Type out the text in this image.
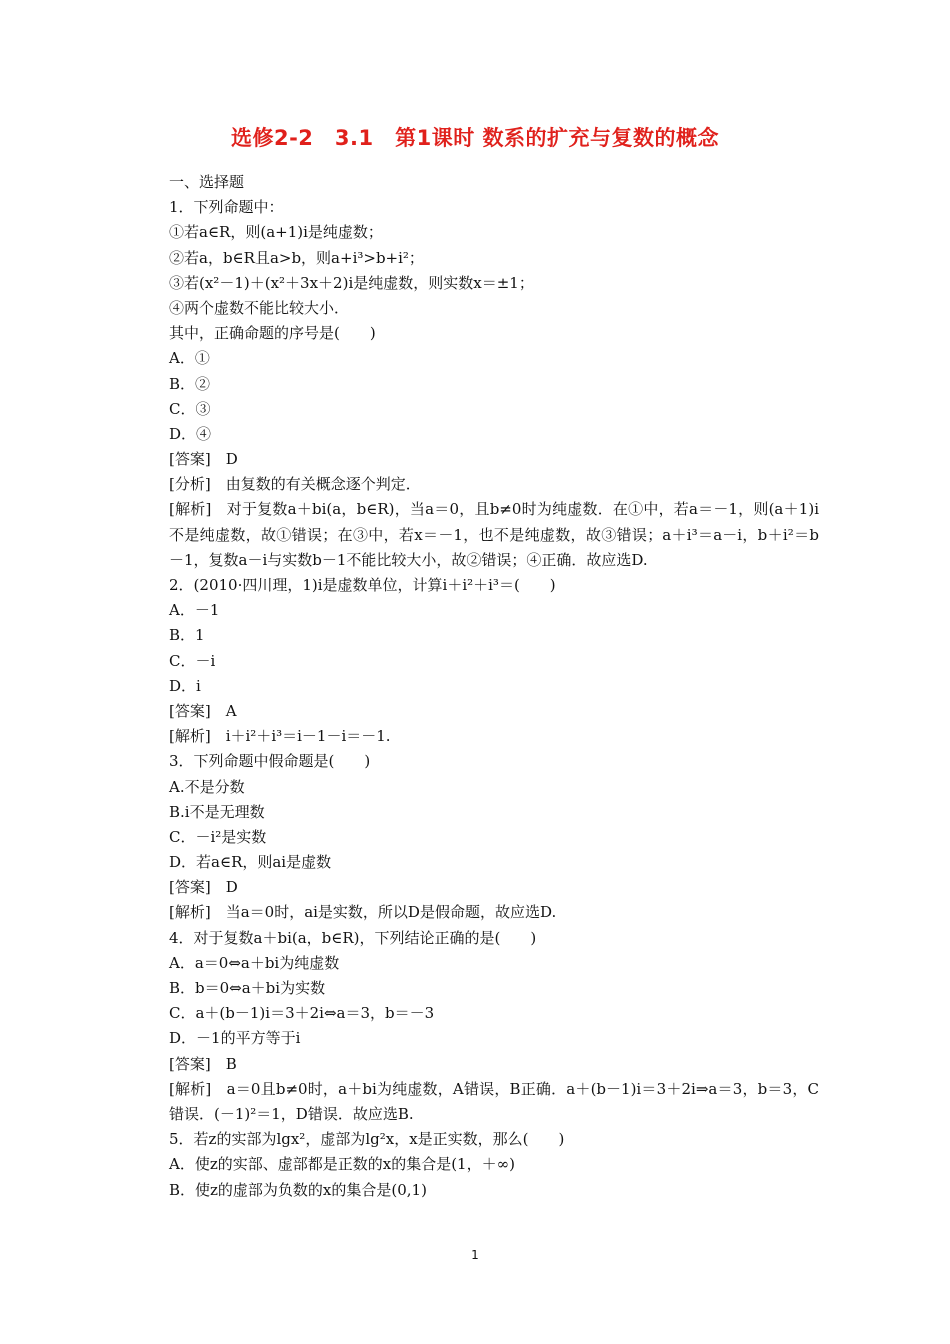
选修2-2　3.1　第1课时 数系的扩充与复数的概念
一、选择题
1．下列命题中：
①若a∈R，则(a+1)i是纯虚数；
②若a，b∈R且a>b，则a+i³>b+i²；
③若(x²－1)＋(x²＋3x＋2)i是纯虚数，则实数x＝±1；
④两个虚数不能比较大小．
其中，正确命题的序号是(　　)
A．①
B．②
C．③
D．④
[答案]　D
[分析]　由复数的有关概念逐个判定．
[解析]　对于复数a＋bi(a，b∈R)，当a＝0，且b≠0时为纯虚数．在①中，若a＝－1，则(a＋1)i不是纯虚数，故①错误；在③中，若x＝－1，也不是纯虚数，故③错误；a＋i³＝a－i，b＋i²＝b－1，复数a－i与实数b－1不能比较大小，故②错误；④正确．故应选D.
2．(2010·四川理，1)i是虚数单位，计算i＋i²＋i³＝(　　)
A．－1
B．1
C．－i
D．i
[答案]　A
[解析]　i＋i²＋i³＝i－1－i＝－1.
3．下列命题中假命题是(　　)
A.不是分数
B.i不是无理数
C．－i²是实数
D．若a∈R，则ai是虚数
[答案]　D
[解析]　当a＝0时，ai是实数，所以D是假命题，故应选D.
4．对于复数a＋bi(a，b∈R)，下列结论正确的是(　　)
A．a＝0⇔a＋bi为纯虚数
B．b＝0⇔a＋bi为实数
C．a＋(b－1)i＝3＋2i⇔a＝3，b＝－3
D．－1的平方等于i
[答案]　B
[解析]　a＝0且b≠0时，a＋bi为纯虚数，A错误，B正确．a＋(b－1)i＝3＋2i⇒a＝3，b＝3，C错误．(－1)²＝1，D错误．故应选B.
5．若z的实部为lgx²，虚部为lg²x，x是正实数，那么(　　)
A．使z的实部、虚部都是正数的x的集合是(1，＋∞)
B．使z的虚部为负数的x的集合是(0,1)
1
